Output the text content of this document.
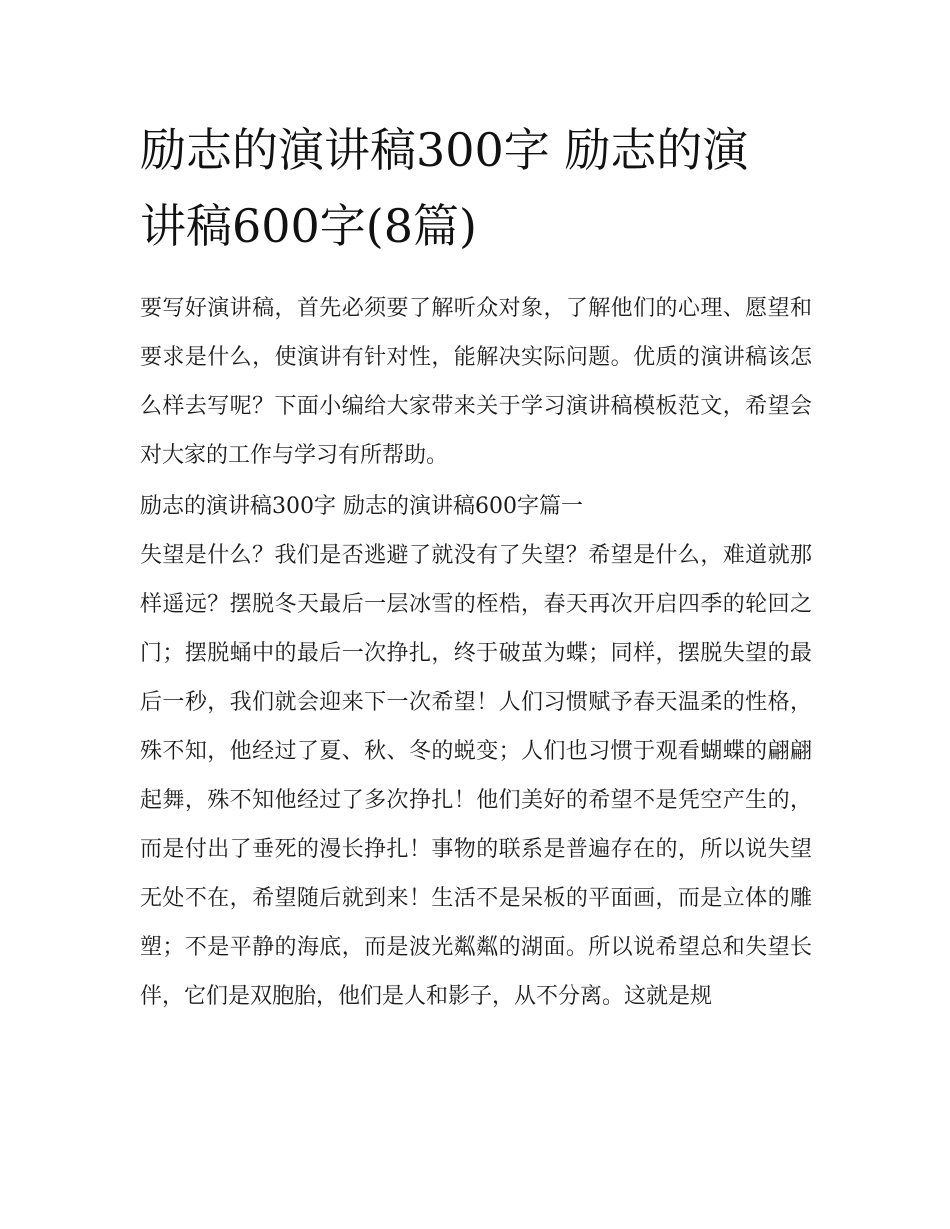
励志的演讲稿300字 励志的演
讲稿600字(8篇)

要写好演讲稿，首先必须要了解听众对象，了解他们的心理、愿望和要求是什么，使演讲有针对性，能解决实际问题。优质的演讲稿该怎么样去写呢？下面小编给大家带来关于学习演讲稿模板范文，希望会对大家的工作与学习有所帮助。

励志的演讲稿300字 励志的演讲稿600字篇一

失望是什么？我们是否逃避了就没有了失望？希望是什么，难道就那样遥远？摆脱冬天最后一层冰雪的桎梏，春天再次开启四季的轮回之门；摆脱蛹中的最后一次挣扎，终于破茧为蝶；同样，摆脱失望的最后一秒，我们就会迎来下一次希望！人们习惯赋予春天温柔的性格，殊不知，他经过了夏、秋、冬的蜕变；人们也习惯于观看蝴蝶的翩翩起舞，殊不知他经过了多次挣扎！他们美好的希望不是凭空产生的，而是付出了垂死的漫长挣扎！事物的联系是普遍存在的，所以说失望无处不在，希望随后就到来！生活不是呆板的平面画，而是立体的雕塑；不是平静的海底，而是波光粼粼的湖面。所以说希望总和失望长伴，它们是双胞胎，他们是人和影子，从不分离。这就是规
